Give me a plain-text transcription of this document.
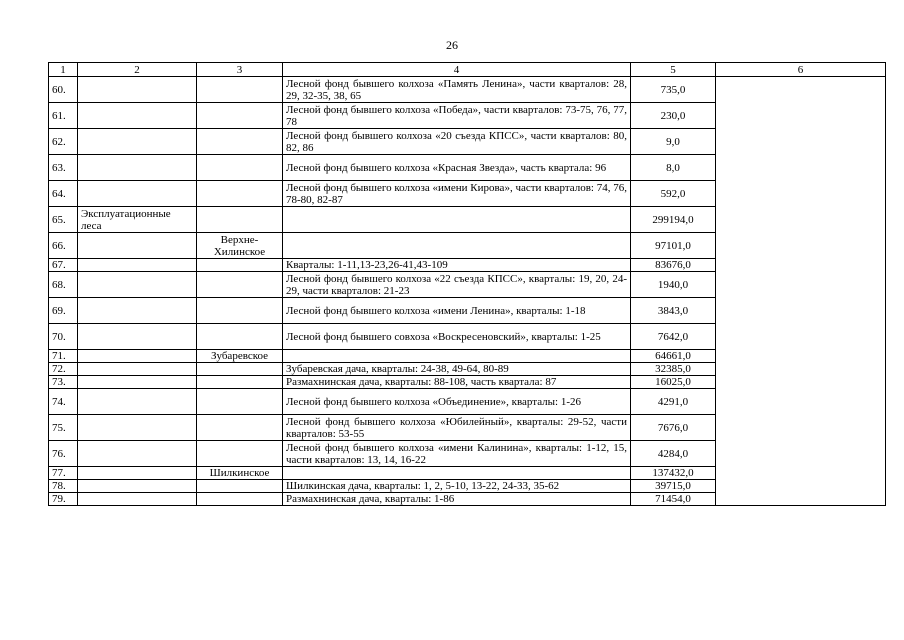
26
1	2	3	4	5	6
60.			Лесной фонд бывшего колхоза «Память Ленина», части кварталов: 28, 29, 32-35, 38, 65	735,0	
61.			Лесной фонд бывшего колхоза «Победа», части кварталов: 73-75, 76, 77, 78	230,0	
62.			Лесной фонд бывшего колхоза «20 съезда КПСС», части кварталов: 80, 82, 86	9,0	
63.			Лесной фонд бывшего колхоза «Красная Звезда», часть квартала: 96	8,0	
64.			Лесной фонд бывшего колхоза «имени Кирова», части кварталов: 74, 76, 78-80, 82-87	592,0	
65.	Эксплуатационные леса			299194,0	
66.		Верхне-Хилинское		97101,0	
67.			Кварталы: 1-11,13-23,26-41,43-109	83676,0	
68.			Лесной фонд бывшего колхоза «22 съезда КПСС», кварталы: 19, 20, 24-29, части кварталов: 21-23	1940,0	
69.			Лесной фонд бывшего колхоза «имени Ленина», кварталы: 1-18	3843,0	
70.			Лесной фонд бывшего совхоза «Воскресеновский», кварталы: 1-25	7642,0	
71.		Зубаревское		64661,0	
72.			Зубаревская дача, кварталы: 24-38, 49-64, 80-89	32385,0	
73.			Размахнинская дача, кварталы: 88-108, часть квартала: 87	16025,0	
74.			Лесной фонд бывшего колхоза «Объединение», кварталы: 1-26	4291,0	
75.			Лесной фонд бывшего колхоза «Юбилейный», кварталы: 29-52, части кварталов: 53-55	7676,0	
76.			Лесной фонд бывшего колхоза «имени Калинина», кварталы: 1-12, 15, части кварталов: 13, 14, 16-22	4284,0	
77.		Шилкинское		137432,0	
78.			Шилкинская дача, кварталы: 1, 2, 5-10, 13-22, 24-33, 35-62	39715,0	
79.			Размахнинская дача, кварталы: 1-86	71454,0	
